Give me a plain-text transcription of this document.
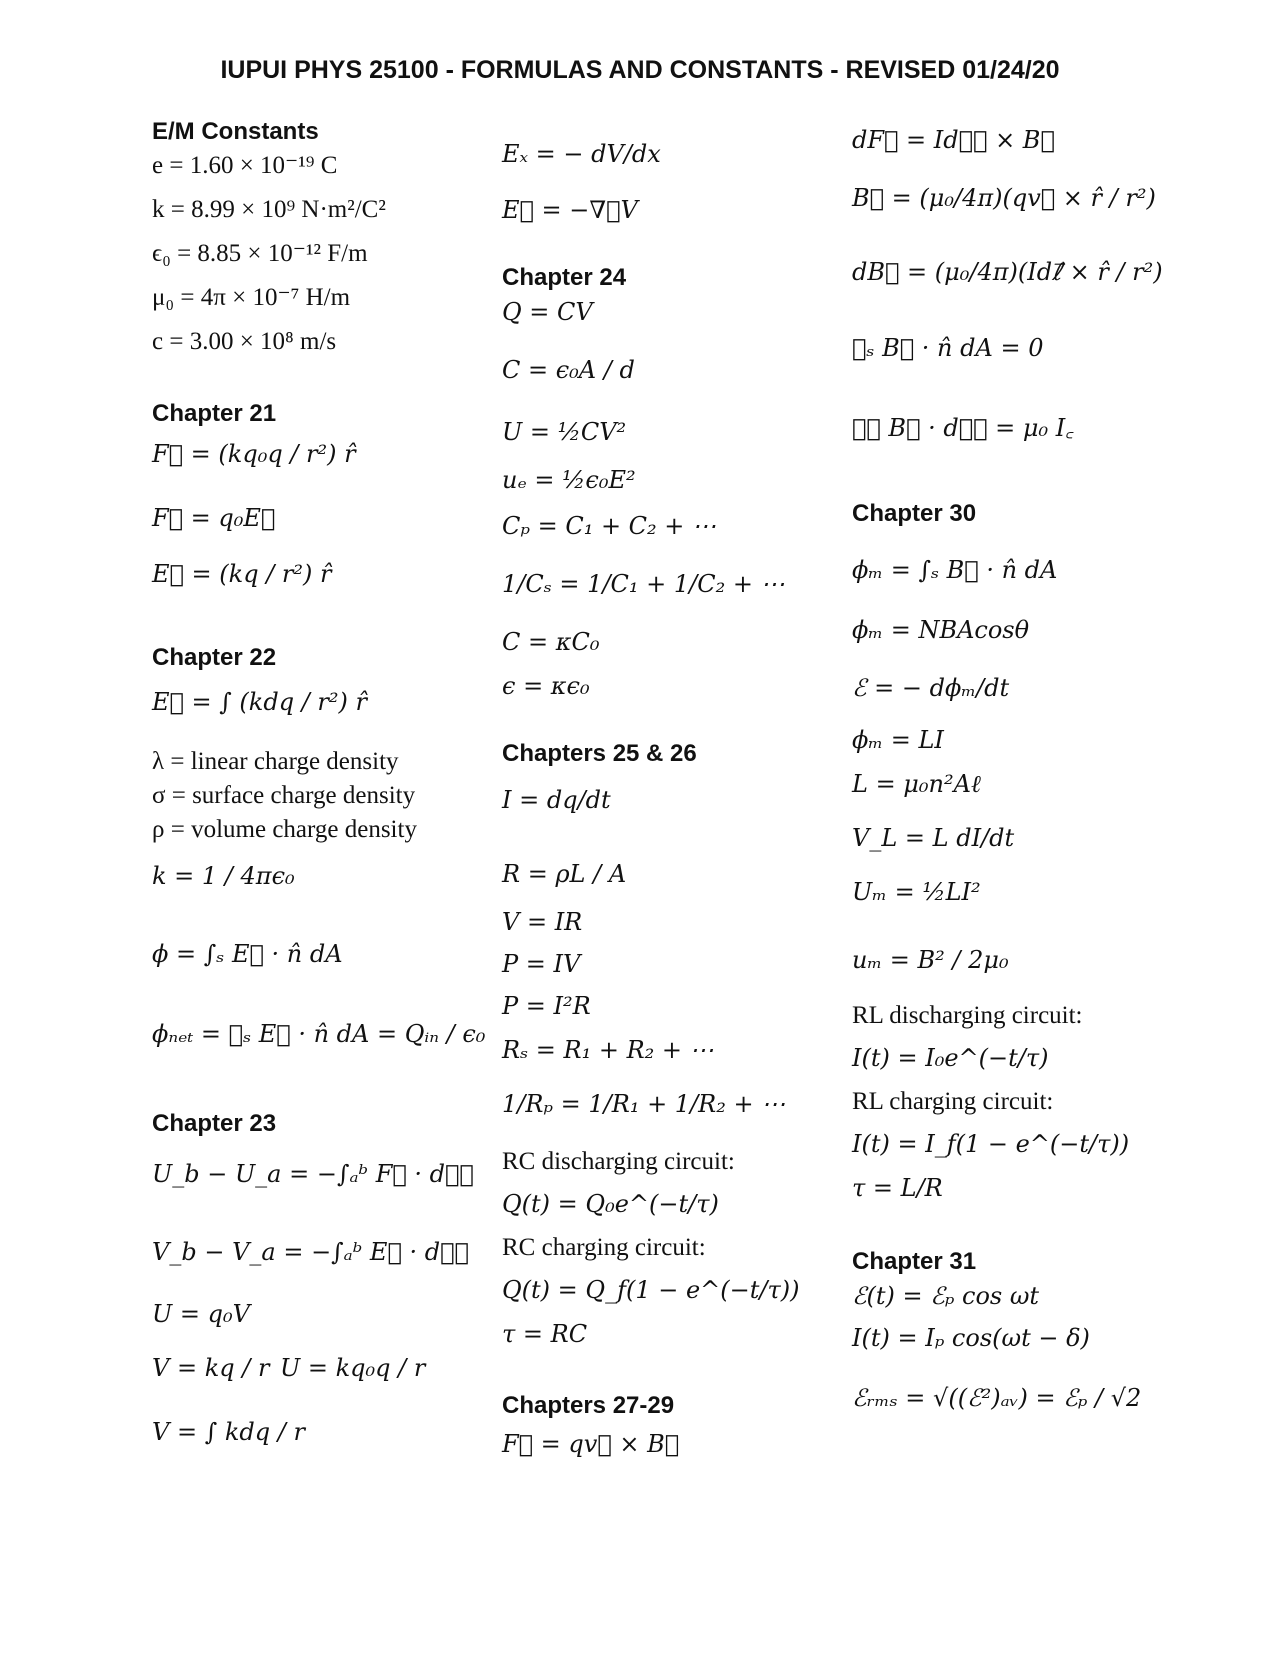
IUPUI PHYS 25100 - FORMULAS AND CONSTANTS - REVISED 01/24/20
E/M Constants
e = 1.60 × 10⁻¹⁹ C
k = 8.99 × 10⁹ N·m²/C²
ϵ₀ = 8.85 × 10⁻¹² F/m
μ₀ = 4π × 10⁻⁷ H/m
c = 3.00 × 10⁸ m/s
Chapter 21
F⃗ = (kq₀q / r²) r̂
F⃗ = q₀E⃗
E⃗ = (kq / r²) r̂
Chapter 22
E⃗ = ∫ (kdq / r²) r̂
λ = linear charge density
σ = surface charge density
ρ = volume charge density
k = 1 / 4πϵ₀
ϕ = ∫ₛ E⃗ · n̂ dA
ϕₙₑₜ = ∮ₛ E⃗ · n̂ dA = Qᵢₙ / ϵ₀
Chapter 23
U_b − U_a = −∫ₐᵇ F⃗ · dℓ⃗
V_b − V_a = −∫ₐᵇ E⃗ · dℓ⃗
U = q₀V
V = kq / r U = kq₀q / r
V = ∫ kdq / r
Eₓ = − dV/dx
E⃗ = −∇⃗V
Chapter 24
Q = CV
C = ϵ₀A / d
U = ½CV²
uₑ = ½ϵ₀E²
Cₚ = C₁ + C₂ + ⋯
1/Cₛ = 1/C₁ + 1/C₂ + ⋯
C = κC₀
ϵ = κϵ₀
Chapters 25 & 26
I = dq/dt
R = ρL / A
V = IR
P = IV
P = I²R
Rₛ = R₁ + R₂ + ⋯
1/Rₚ = 1/R₁ + 1/R₂ + ⋯
RC discharging circuit:
Q(t) = Q₀e^(−t/τ)
RC charging circuit:
Q(t) = Q_f(1 − e^(−t/τ))
τ = RC
Chapters 27-29
F⃗ = qv⃗ × B⃗
dF⃗ = Idℓ⃗ × B⃗
B⃗ = (μ₀/4π)(qv⃗ × r̂ / r²)
dB⃗ = (μ₀/4π)(Idℓ⃗ × r̂ / r²)
∮ₛ B⃗ · n̂ dA = 0
∮꜀ B⃗ · dℓ⃗ = μ₀ I꜀
Chapter 30
ϕₘ = ∫ₛ B⃗ · n̂ dA
ϕₘ = NBAcosθ
ℰ = − dϕₘ/dt
ϕₘ = LI
L = μ₀n²Aℓ
V_L = L dI/dt
Uₘ = ½LI²
uₘ = B² / 2μ₀
RL discharging circuit:
I(t) = I₀e^(−t/τ)
RL charging circuit:
I(t) = I_f(1 − e^(−t/τ))
τ = L/R
Chapter 31
ℰ(t) = ℰₚ cos ωt
I(t) = Iₚ cos(ωt − δ)
ℰᵣₘₛ = √((ℰ²)ₐᵥ) = ℰₚ / √2
